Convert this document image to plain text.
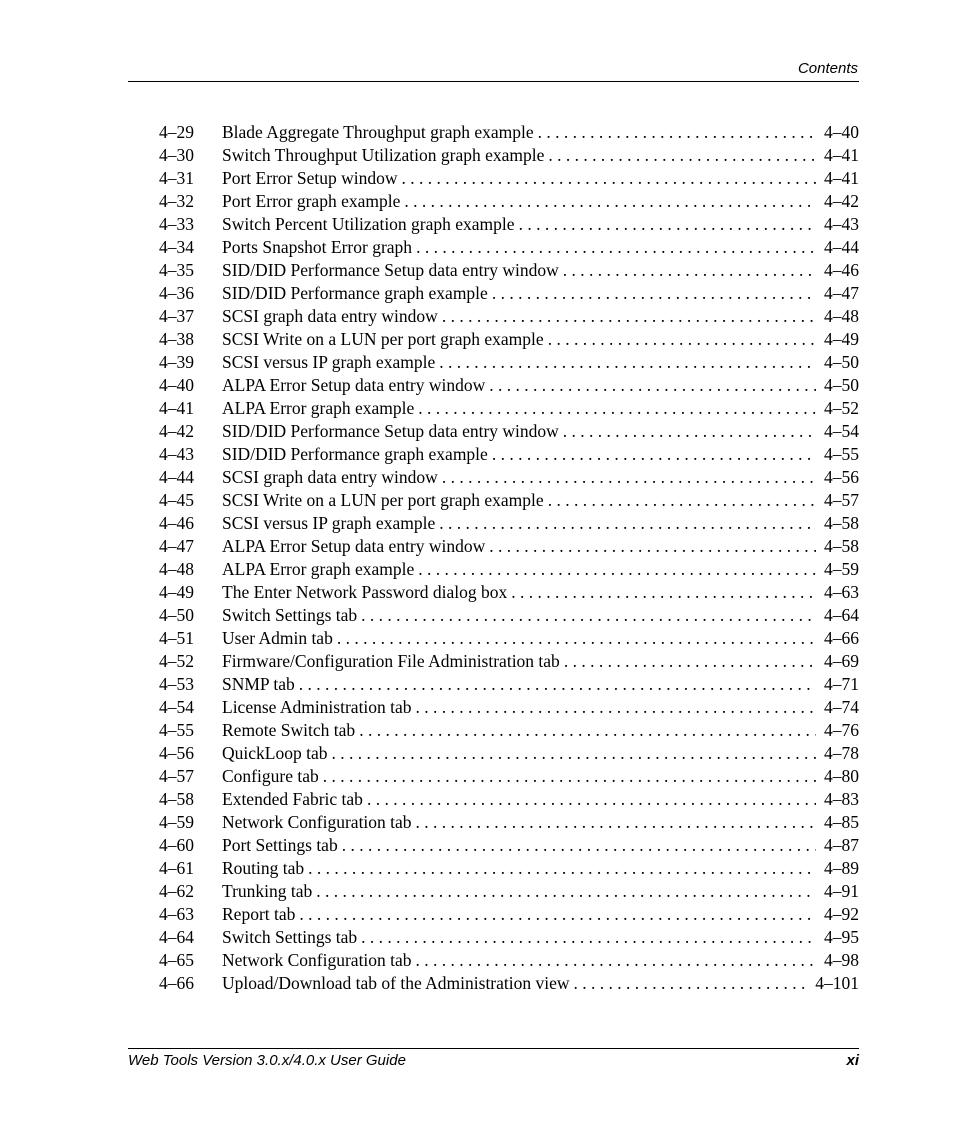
Contents
4–29	Blade Aggregate Throughput graph example . . .	4–40
4–30	Switch Throughput Utilization graph example . . .	4–41
4–31	Port Error Setup window . . .	4–41
4–32	Port Error graph example . . .	4–42
4–33	Switch Percent Utilization graph example . . .	4–43
4–34	Ports Snapshot Error graph . . .	4–44
4–35	SID/DID Performance Setup data entry window . . .	4–46
4–36	SID/DID Performance graph example . . .	4–47
4–37	SCSI graph data entry window . . .	4–48
4–38	SCSI Write on a LUN per port graph example . . .	4–49
4–39	SCSI versus IP graph example . . .	4–50
4–40	ALPA Error Setup data entry window . . .	4–50
4–41	ALPA Error graph example . . .	4–52
4–42	SID/DID Performance Setup data entry window . . .	4–54
4–43	SID/DID Performance graph example . . .	4–55
4–44	SCSI graph data entry window . . .	4–56
4–45	SCSI Write on a LUN per port graph example . . .	4–57
4–46	SCSI versus IP graph example . . .	4–58
4–47	ALPA Error Setup data entry window . . .	4–58
4–48	ALPA Error graph example . . .	4–59
4–49	The Enter Network Password dialog box . . .	4–63
4–50	Switch Settings tab . . .	4–64
4–51	User Admin tab . . .	4–66
4–52	Firmware/Configuration File Administration tab . . .	4–69
4–53	SNMP tab . . .	4–71
4–54	License Administration tab . . .	4–74
4–55	Remote Switch tab . . .	4–76
4–56	QuickLoop tab . . .	4–78
4–57	Configure tab . . .	4–80
4–58	Extended Fabric tab . . .	4–83
4–59	Network Configuration tab . . .	4–85
4–60	Port Settings tab . . .	4–87
4–61	Routing tab . . .	4–89
4–62	Trunking tab . . .	4–91
4–63	Report tab . . .	4–92
4–64	Switch Settings tab . . .	4–95
4–65	Network Configuration tab . . .	4–98
4–66	Upload/Download tab of the Administration view . . .	4–101
Web Tools Version 3.0.x/4.0.x User Guide	xi
